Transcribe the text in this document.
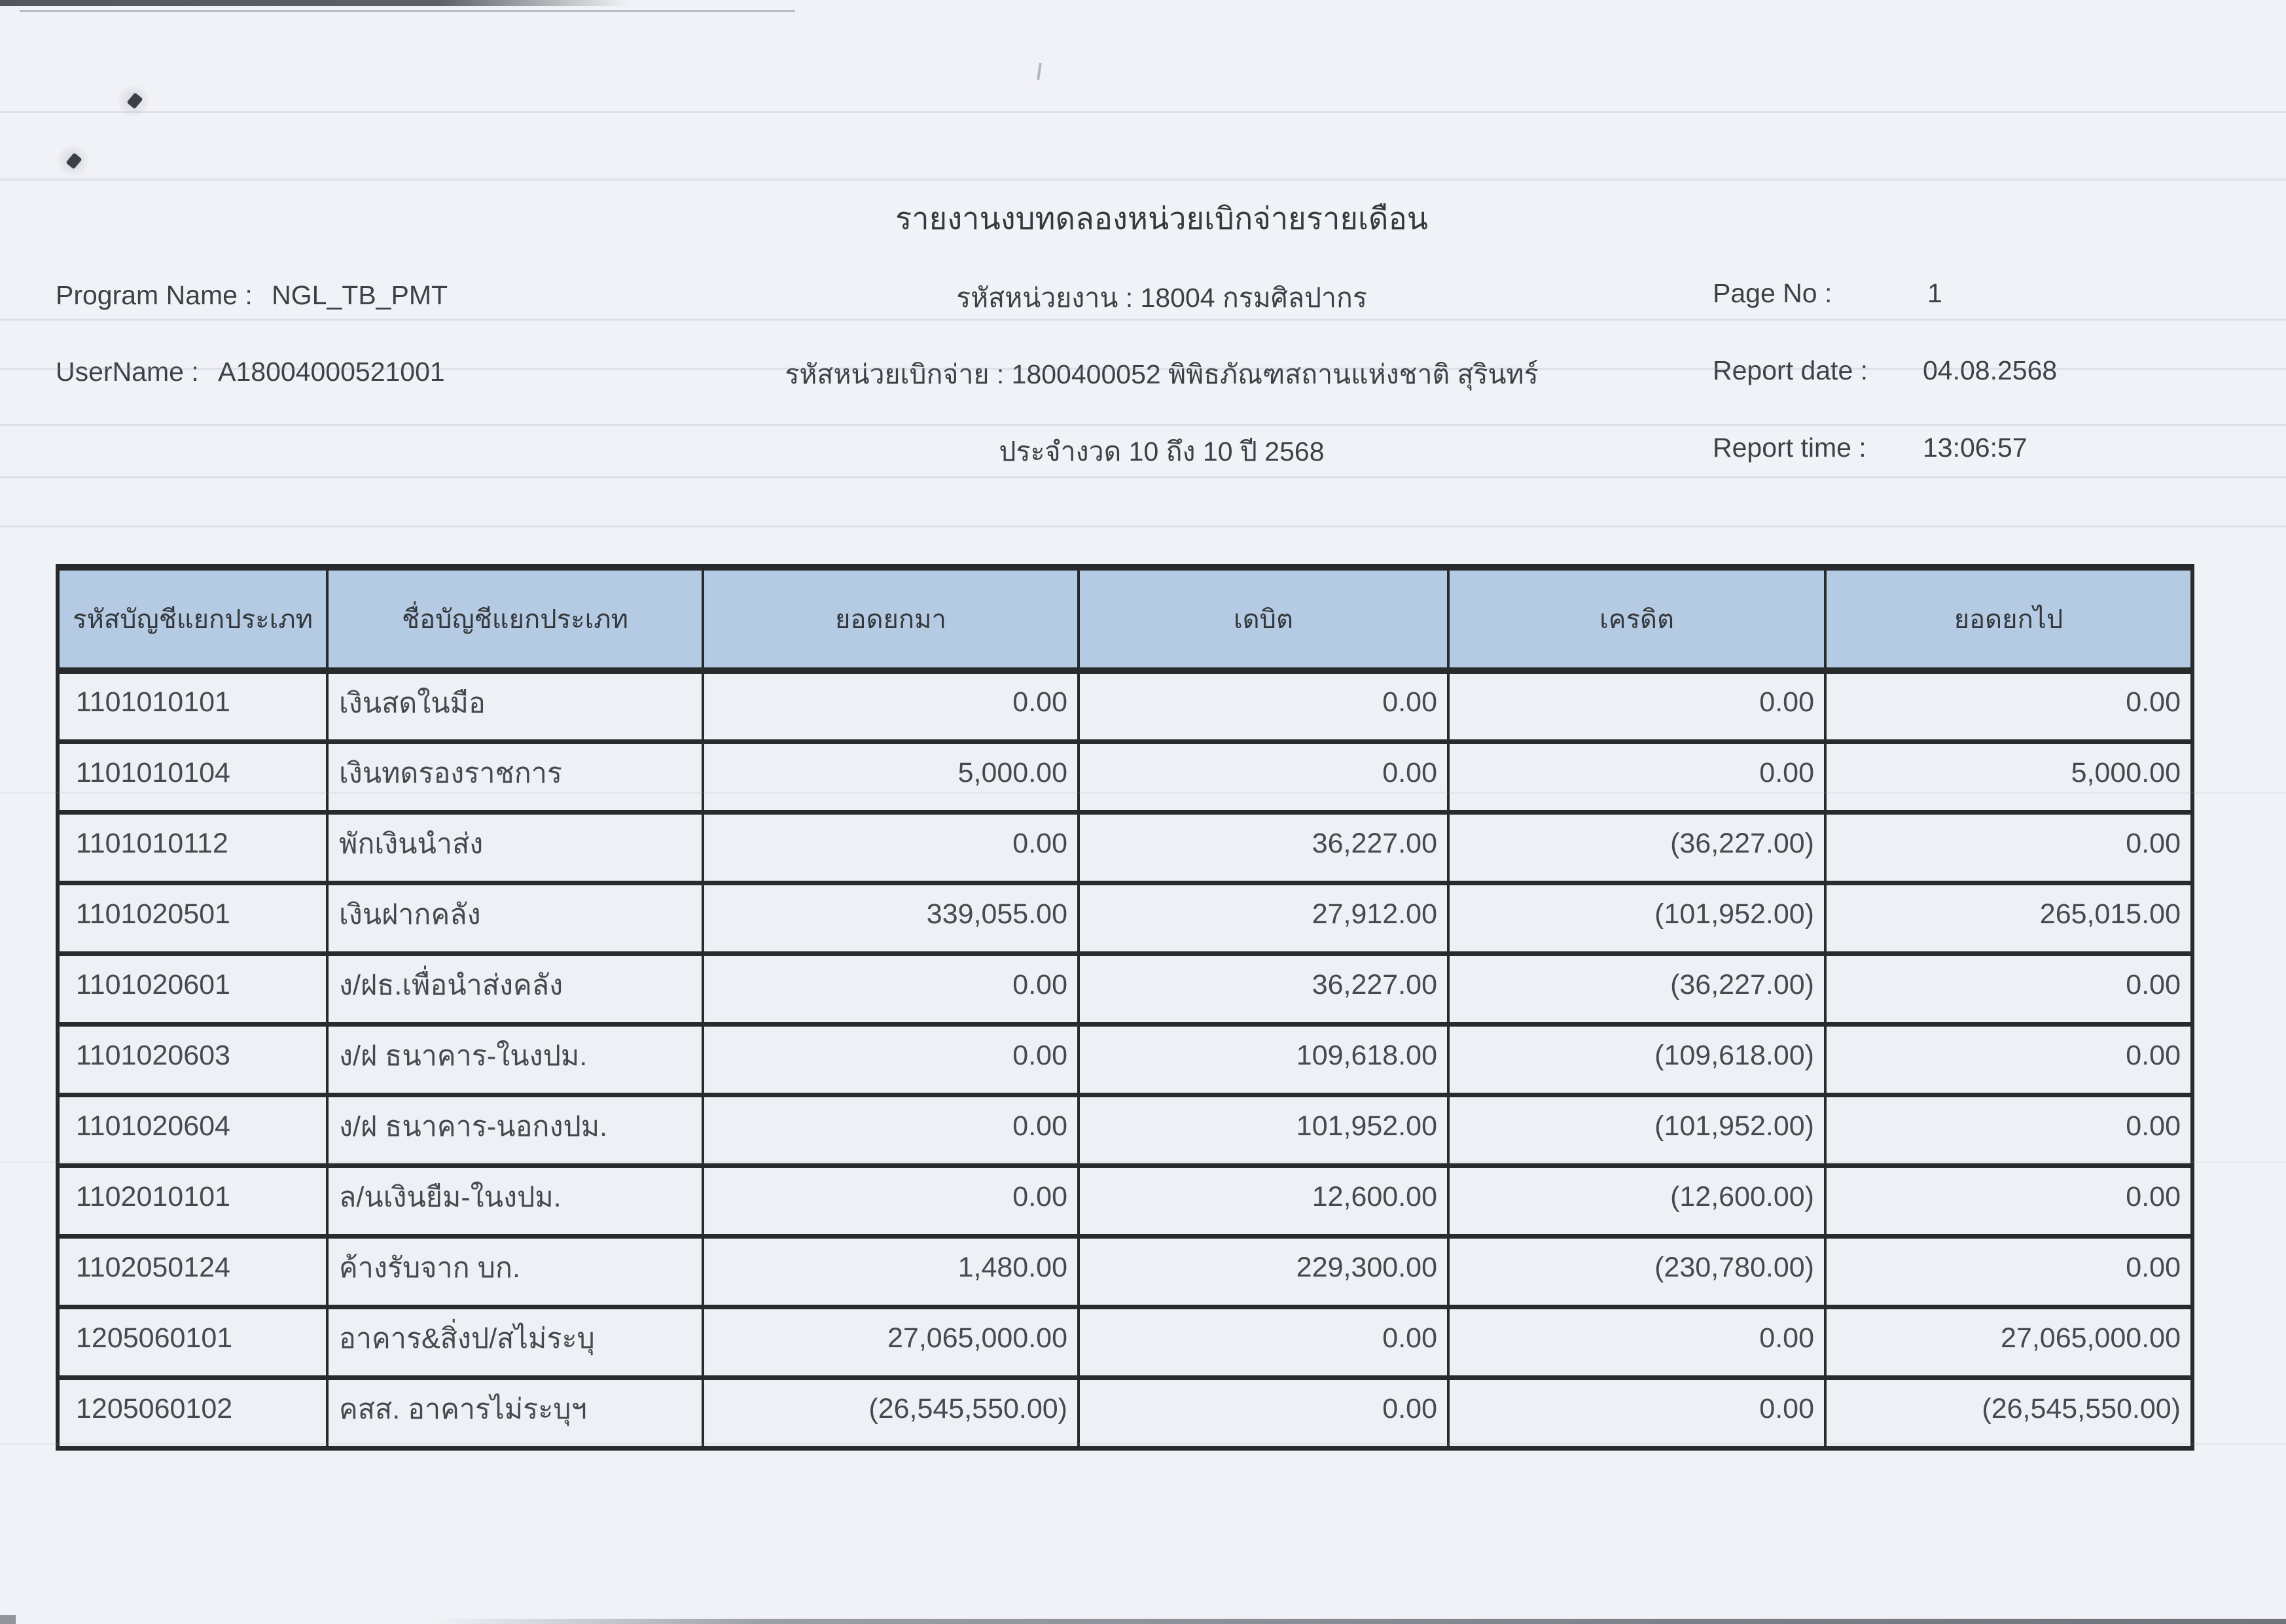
รายงานงบทดลองหน่วยเบิกจ่ายรายเดือน
Program Name : NGL_TB_PMT
UserName : A18004000521001
รหัสหน่วยงาน : 18004 กรมศิลปากร
รหัสหน่วยเบิกจ่าย : 1800400052 พิพิธภัณฑสถานแห่งชาติ สุรินทร์
ประจำงวด 10 ถึง 10 ปี 2568
Page No :	1
Report date : 04.08.2568
Report time : 13:06:57
รหัสบัญชีแยกประเภท	ชื่อบัญชีแยกประเภท	ยอดยกมา	เดบิต	เครดิต	ยอดยกไป
1101010101	เงินสดในมือ	0.00	0.00	0.00	0.00
1101010104	เงินทดรองราชการ	5,000.00	0.00	0.00	5,000.00
1101010112	พักเงินนำส่ง	0.00	36,227.00	(36,227.00)	0.00
1101020501	เงินฝากคลัง	339,055.00	27,912.00	(101,952.00)	265,015.00
1101020601	ง/ฝธ.เพื่อนำส่งคลัง	0.00	36,227.00	(36,227.00)	0.00
1101020603	ง/ฝ ธนาคาร-ในงปม.	0.00	109,618.00	(109,618.00)	0.00
1101020604	ง/ฝ ธนาคาร-นอกงปม.	0.00	101,952.00	(101,952.00)	0.00
1102010101	ล/นเงินยืม-ในงปม.	0.00	12,600.00	(12,600.00)	0.00
1102050124	ค้างรับจาก บก.	1,480.00	229,300.00	(230,780.00)	0.00
1205060101	อาคาร&สิ่งป/สไม่ระบุ	27,065,000.00	0.00	0.00	27,065,000.00
1205060102	คสส. อาคารไม่ระบุฯ	(26,545,550.00)	0.00	0.00	(26,545,550.00)
